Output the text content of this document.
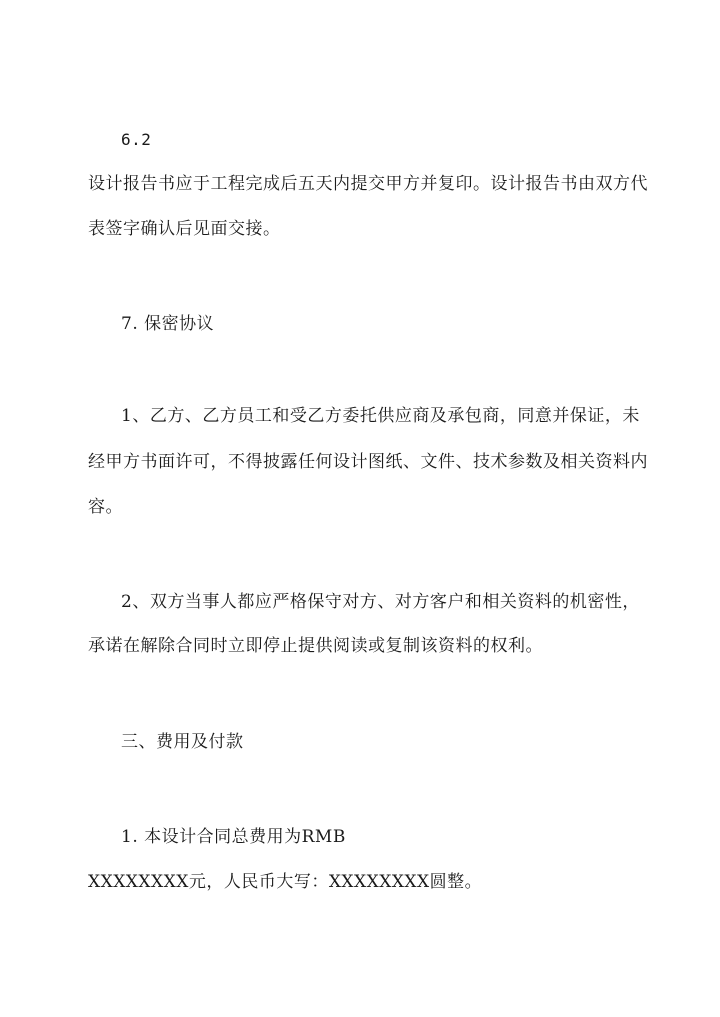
6.2
设计报告书应于工程完成后五天内提交甲方并复印。设计报告书由双方代
表签字确认后见面交接。
7. 保密协议
1、乙方、乙方员工和受乙方委托供应商及承包商，同意并保证，未
经甲方书面许可，不得披露任何设计图纸、文件、技术参数及相关资料内
容。
2、双方当事人都应严格保守对方、对方客户和相关资料的机密性，
承诺在解除合同时立即停止提供阅读或复制该资料的权利。
三、费用及付款
1. 本设计合同总费用为RMB
XXXXXXXX元，人民币大写：XXXXXXXX圆整。
